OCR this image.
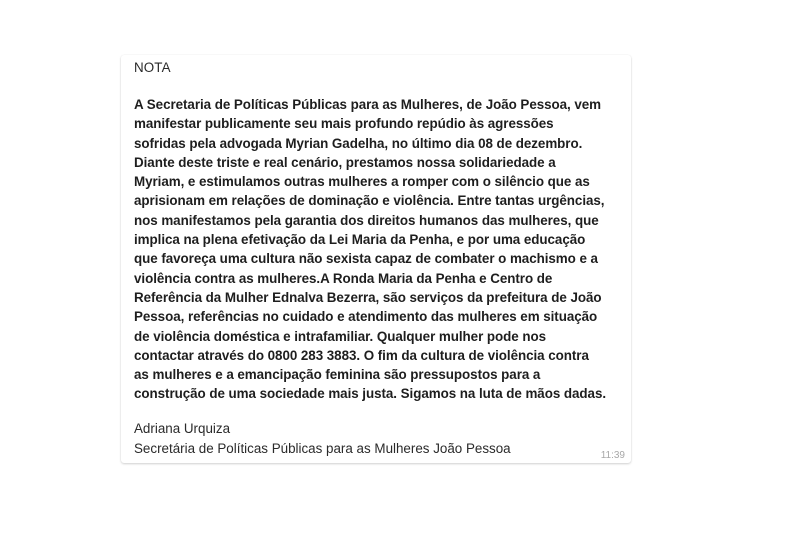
NOTA
A Secretaria de Políticas Públicas para as Mulheres, de João Pessoa, vem
manifestar publicamente seu mais profundo repúdio às agressões
sofridas pela advogada Myrian Gadelha, no último dia 08 de dezembro.
Diante deste triste e real cenário, prestamos nossa solidariedade a
Myriam, e estimulamos outras mulheres a romper com o silêncio que as
aprisionam em relações de dominação e violência. Entre tantas urgências,
nos manifestamos pela garantia dos direitos humanos das mulheres, que
implica na plena efetivação da Lei Maria da Penha, e por uma educação
que favoreça uma cultura não sexista capaz de combater o machismo e a
violência contra as mulheres.A Ronda Maria da Penha e Centro de
Referência da Mulher Ednalva Bezerra, são serviços da prefeitura de João
Pessoa, referências no cuidado e atendimento das mulheres em situação
de violência doméstica e intrafamiliar. Qualquer mulher pode nos
contactar através do 0800 283 3883. O fim da cultura de violência contra
as mulheres e a emancipação feminina são pressupostos para a
construção de uma sociedade mais justa. Sigamos na luta de mãos dadas.
Adriana Urquiza
Secretária de Políticas Públicas para as Mulheres João Pessoa	11:39
